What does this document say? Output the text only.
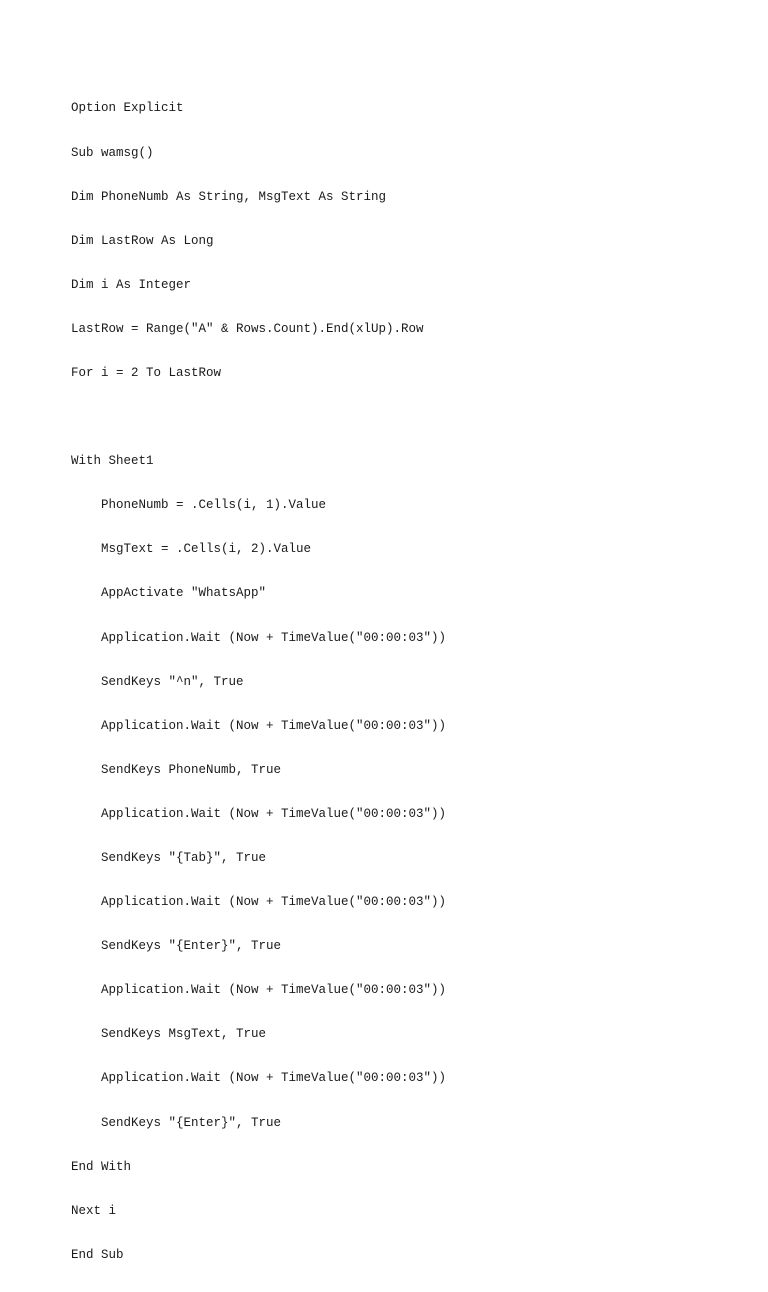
Option Explicit

Sub wamsg()

Dim PhoneNumb As String, MsgText As String

Dim LastRow As Long

Dim i As Integer

LastRow = Range("A" & Rows.Count).End(xlUp).Row

For i = 2 To LastRow

With Sheet1

PhoneNumb = .Cells(i, 1).Value

MsgText = .Cells(i, 2).Value

AppActivate "WhatsApp"

Application.Wait (Now + TimeValue("00:00:03"))

SendKeys "^n", True

Application.Wait (Now + TimeValue("00:00:03"))

SendKeys PhoneNumb, True

Application.Wait (Now + TimeValue("00:00:03"))

SendKeys "{Tab}", True

Application.Wait (Now + TimeValue("00:00:03"))

SendKeys "{Enter}", True

Application.Wait (Now + TimeValue("00:00:03"))

SendKeys MsgText, True

Application.Wait (Now + TimeValue("00:00:03"))

SendKeys "{Enter}", True

End With

Next i

End Sub
